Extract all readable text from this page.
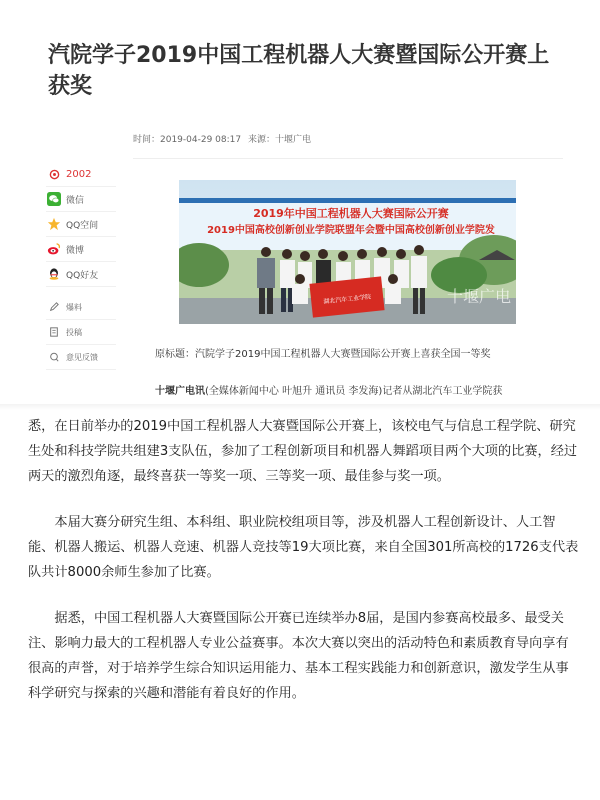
汽院学子2019中国工程机器人大赛暨国际公开赛上获奖
时间：2019-04-29 08:17 来源：十堰广电
2002
微信
QQ空间
微博
QQ好友
爆料
投稿
意见反馈
2019年中国工程机器人大赛国际公开赛
2019中国高校创新创业学院联盟年会暨中国高校创新创业学院发
湖北汽车工业学院	十堰广电
原标题：汽院学子2019中国工程机器人大赛暨国际公开赛上喜获全国一等奖
十堰广电讯(全媒体新闻中心 叶旭升 通讯员 李发海)记者从湖北汽车工业学院获

悉，在日前举办的2019中国工程机器人大赛暨国际公开赛上，该校电气与信息工程学院、研究生处和科技学院共组建3支队伍，参加了工程创新项目和机器人舞蹈项目两个大项的比赛，经过两天的激烈角逐，最终喜获一等奖一项、三等奖一项、最佳参与奖一项。

本届大赛分研究生组、本科组、职业院校组项目等，涉及机器人工程创新设计、人工智能、机器人搬运、机器人竞速、机器人竞技等19大项比赛，来自全国301所高校的1726支代表队共计8000余师生参加了比赛。

据悉，中国工程机器人大赛暨国际公开赛已连续举办8届，是国内参赛高校最多、最受关注、影响力最大的工程机器人专业公益赛事。本次大赛以突出的活动特色和素质教育导向享有很高的声誉，对于培养学生综合知识运用能力、基本工程实践能力和创新意识，激发学生从事科学研究与探索的兴趣和潜能有着良好的作用。
